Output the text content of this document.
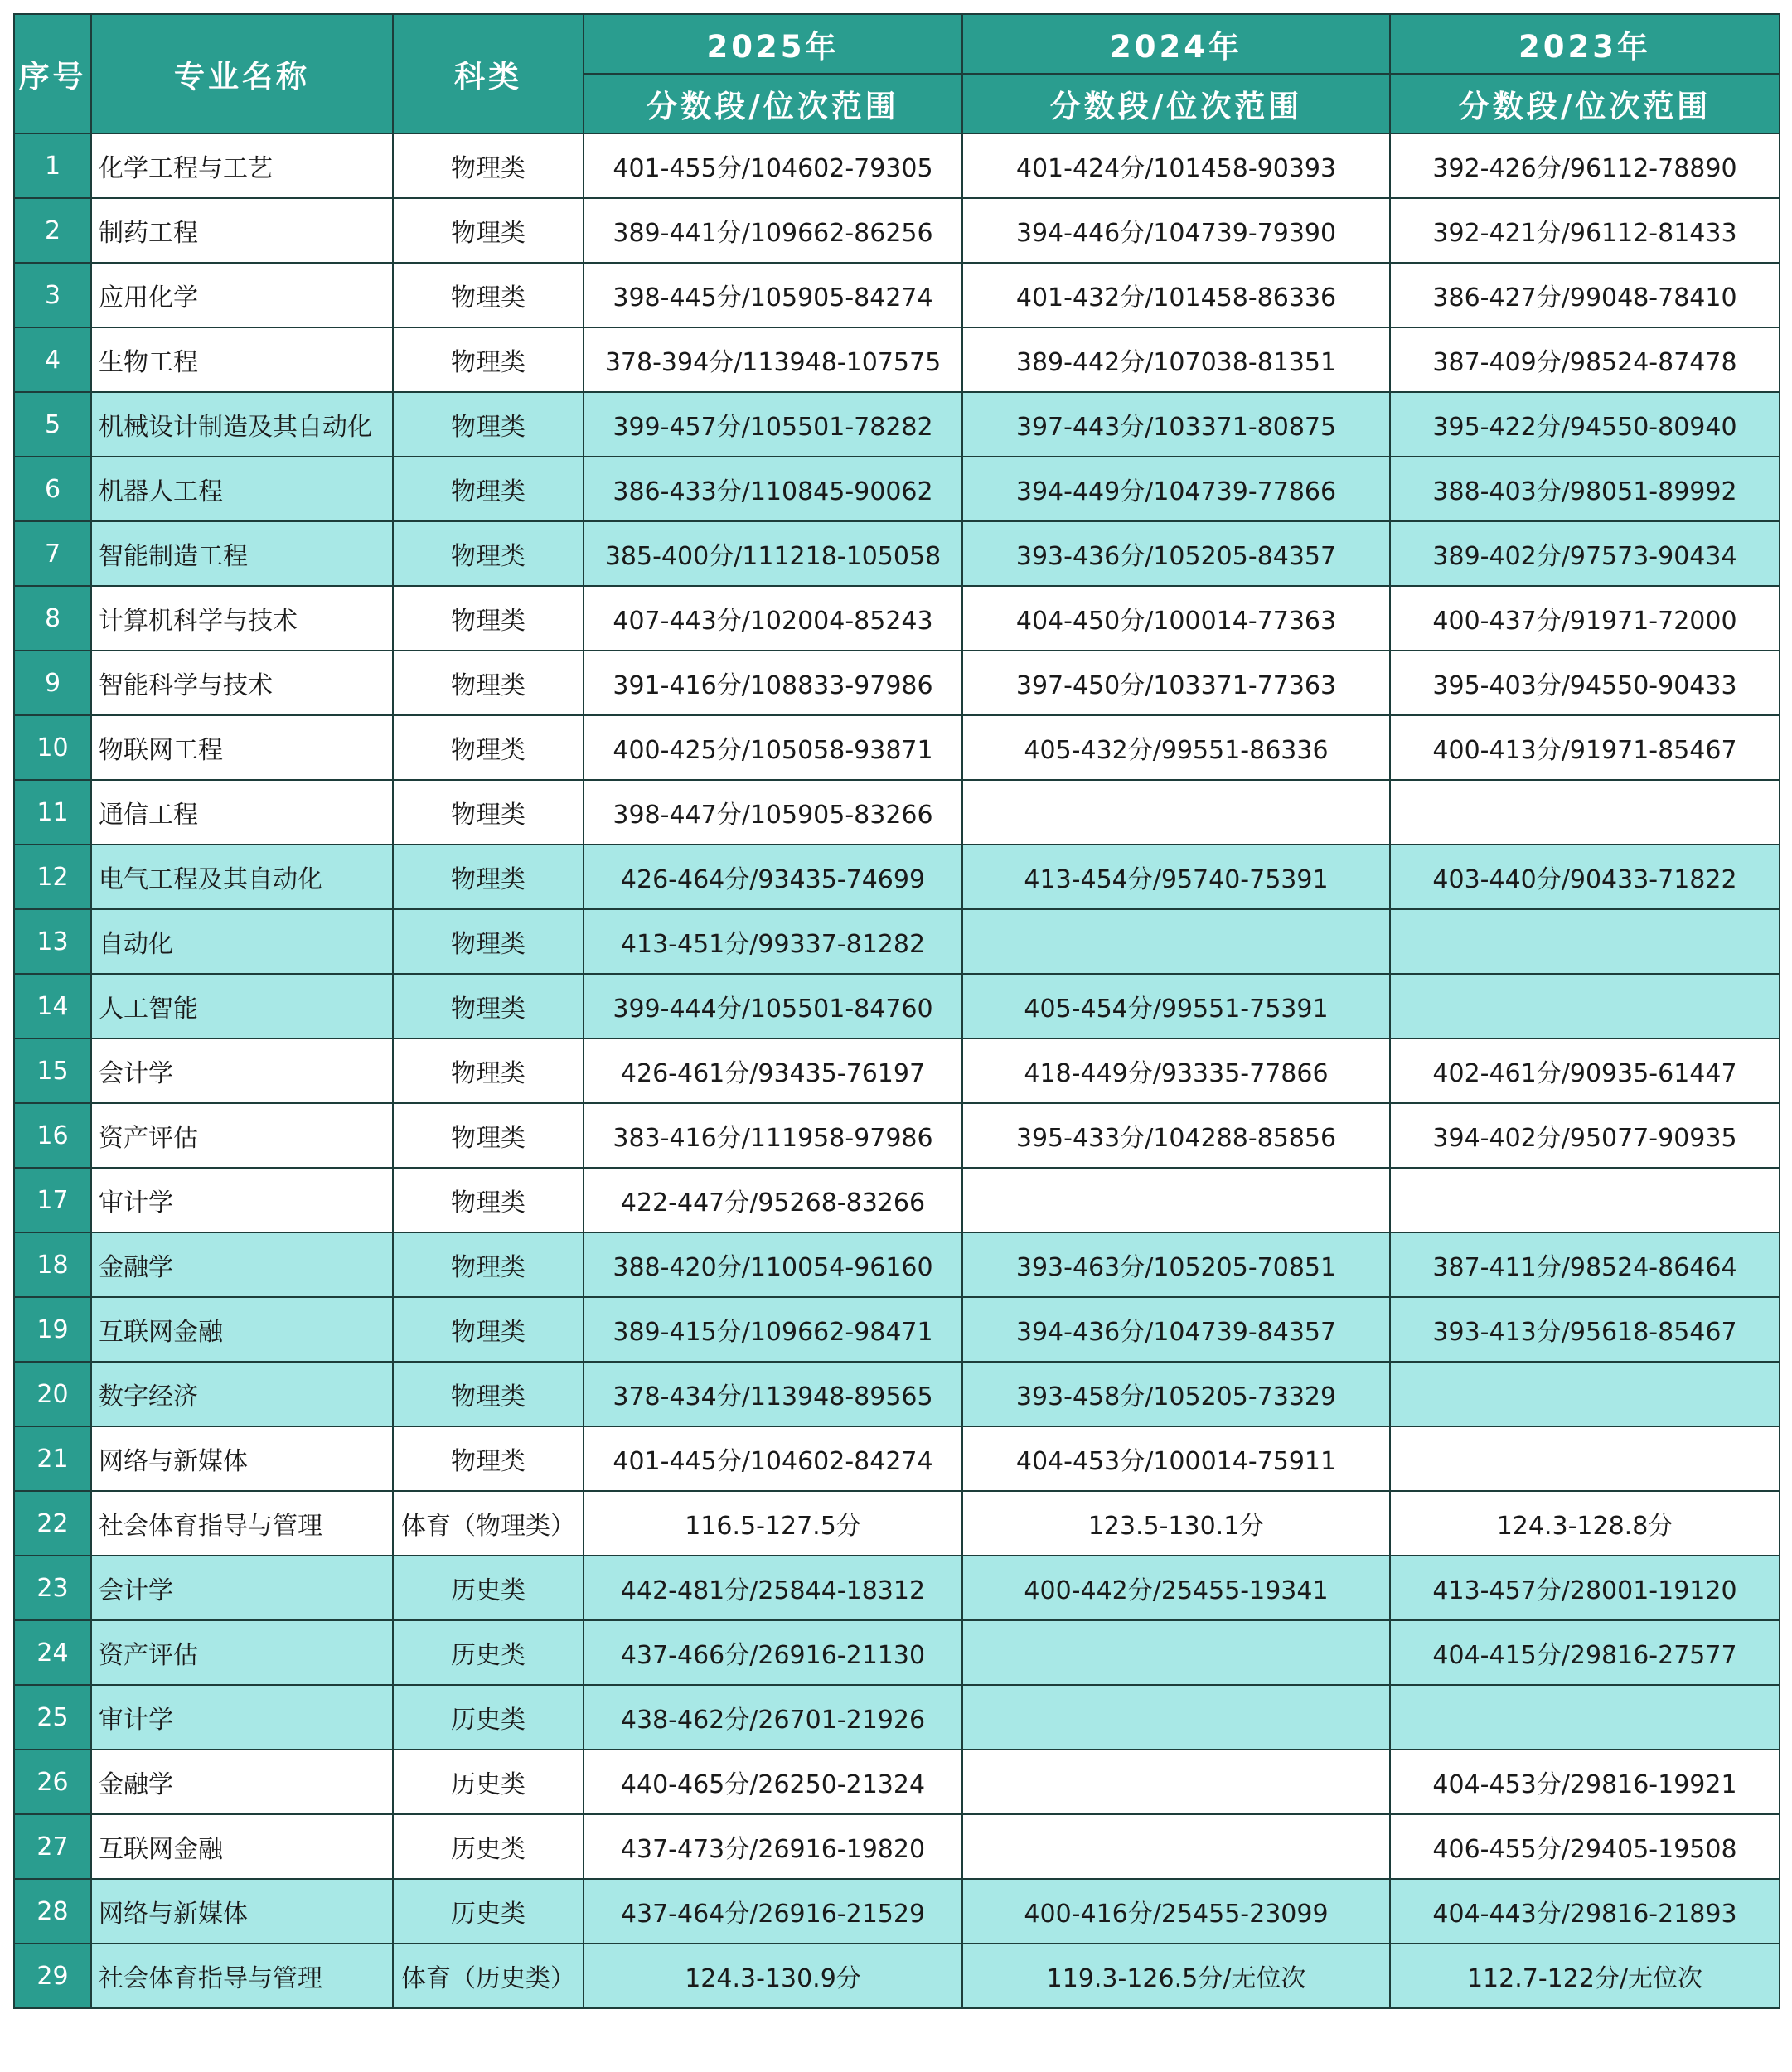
序号	专业名称	科类	2025年	2024年	2023年
			分数段/位次范围	分数段/位次范围	分数段/位次范围
1	化学工程与工艺	物理类	401-455分/104602-79305	401-424分/101458-90393	392-426分/96112-78890
2	制药工程	物理类	389-441分/109662-86256	394-446分/104739-79390	392-421分/96112-81433
3	应用化学	物理类	398-445分/105905-84274	401-432分/101458-86336	386-427分/99048-78410
4	生物工程	物理类	378-394分/113948-107575	389-442分/107038-81351	387-409分/98524-87478
5	机械设计制造及其自动化	物理类	399-457分/105501-78282	397-443分/103371-80875	395-422分/94550-80940
6	机器人工程	物理类	386-433分/110845-90062	394-449分/104739-77866	388-403分/98051-89992
7	智能制造工程	物理类	385-400分/111218-105058	393-436分/105205-84357	389-402分/97573-90434
8	计算机科学与技术	物理类	407-443分/102004-85243	404-450分/100014-77363	400-437分/91971-72000
9	智能科学与技术	物理类	391-416分/108833-97986	397-450分/103371-77363	395-403分/94550-90433
10	物联网工程	物理类	400-425分/105058-93871	405-432分/99551-86336	400-413分/91971-85467
11	通信工程	物理类	398-447分/105905-83266		
12	电气工程及其自动化	物理类	426-464分/93435-74699	413-454分/95740-75391	403-440分/90433-71822
13	自动化	物理类	413-451分/99337-81282		
14	人工智能	物理类	399-444分/105501-84760	405-454分/99551-75391	
15	会计学	物理类	426-461分/93435-76197	418-449分/93335-77866	402-461分/90935-61447
16	资产评估	物理类	383-416分/111958-97986	395-433分/104288-85856	394-402分/95077-90935
17	审计学	物理类	422-447分/95268-83266		
18	金融学	物理类	388-420分/110054-96160	393-463分/105205-70851	387-411分/98524-86464
19	互联网金融	物理类	389-415分/109662-98471	394-436分/104739-84357	393-413分/95618-85467
20	数字经济	物理类	378-434分/113948-89565	393-458分/105205-73329	
21	网络与新媒体	物理类	401-445分/104602-84274	404-453分/100014-75911	
22	社会体育指导与管理	体育（物理类）	116.5-127.5分	123.5-130.1分	124.3-128.8分
23	会计学	历史类	442-481分/25844-18312	400-442分/25455-19341	413-457分/28001-19120
24	资产评估	历史类	437-466分/26916-21130		404-415分/29816-27577
25	审计学	历史类	438-462分/26701-21926		
26	金融学	历史类	440-465分/26250-21324		404-453分/29816-19921
27	互联网金融	历史类	437-473分/26916-19820		406-455分/29405-19508
28	网络与新媒体	历史类	437-464分/26916-21529	400-416分/25455-23099	404-443分/29816-21893
29	社会体育指导与管理	体育（历史类）	124.3-130.9分	119.3-126.5分/无位次	112.7-122分/无位次
